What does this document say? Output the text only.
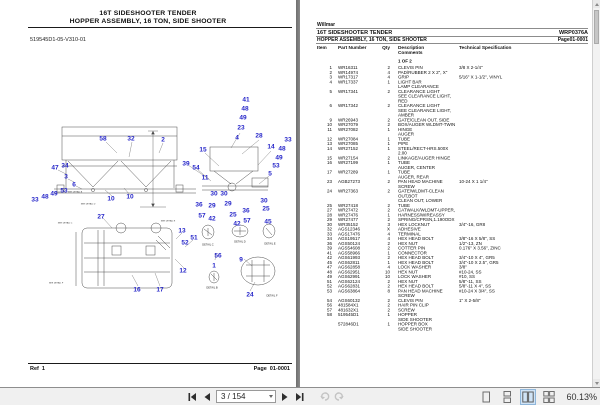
16T SIDESHOOTER TENDER
HOPPER ASSEMBLY, 16 TON, SIDE SHOOTER
519545D1-05-V310-01
41
48
49
23
4	28
33
14 48
49
53
5
15
39
54
11
58	32	2
47 34
3
6
53
49
48
33	10 10	30 30
36 29 29	30
25
36
57 42
25
42 57 45
27
13
51
52
12
16 17
56
1
9
24
DETAIL C
DETAIL D
DETAIL E
DETAIL B
DETAIL F
SEE DETAIL B
SEE DETAIL D
SEE DETAIL C
SEE DETAIL E
SEE DETAIL F
Ref  1	Page  01-0001
Willmar
16T SIDESHOOTER TENDER	WRP0376A
HOPPER ASSEMBLY, 16 TON, SIDE SHOOTER	Page01-0001
Item	Part Number	Qty Description
Comments
Technical Specification
1 OF 2
1 WR16311	2 CLEVIS PIN	3/8 X 2-1/4"
2 WR14974	4 PAD/RUBBER 2 X 2", X"
3 WR17317	4 GRIP	5/16" X 1-1/2", VINYL
4 WR17337	1 LIGHT BAR
LAMP CLEARANCE
5 WR17341	2 CLEARANCE LIGHT
SEE CLEARANCE LIGHT, RED
6 WR17342	2 CLEARANCE LIGHT
SEE CLEARANCE LIGHT, AMBER
9 WR26943	2 GATE/CLEAN OUT, SIDE
10 WR27079	2 BOX/AUGER WLDMT-TWIN
11 WR27082	1 HINGE
AUGER
12 WR27084	1 TUBE
13 WR27085	1 PIPE
14 WR27152	1 STEEL/RECT-HRS.500X 2.00
15 WR27154	2 LINKAGE/AUGER HINGE
16 WR27199	1 TUBE
AUGER, CENTER
17 WR27289	1 TUBE
AUGER, REAR
23 AGB27273	2 PAN HEAD MACHINE SCREW
10-24 X 1 1/4"
24 WR27363	2 GATE/WLDMT-CLEAN OUT,BOT
CLEAN OUT, LOWER
25 WR27418	2 TUBE
27 WR27472	2 CATWALK/WLDMT-UPPER,
28 WR27476	1 HARNESS/WIREASSY
29 WR27477	2 SPRING/CPRSN,1.190ODX
30 WR35152	3 HEX LOCKNUT	3/4"-16, GR8
32 AGS12346	X ADHESIVE
33 AGS17476	4 TERMINAL
34 AGS19517	4 HEX HEAD BOLT	3/8"-16 X 5/8", SS
36 AGS50124	2 HEX NUT	1/2"-13, ZN
39 AGS54608	2 COTTER PIN	0.176" X 3.56", ZINC
41 AGS58966	1 CONNECTOR
42 AGS61993	2 HEX HEAD BOLT	3/4"-10 X 4", GR5
45 AGS62811	1 HEX HEAD BOLT	3/4"-10 X 2.5", GR5
47 AGS62858	4 LOCK WASHER	3/8"
48 AGS62951	10 HEX NUT	#10-24, SS
49 AGS62991	10 LOCK WASHER	#10, SS
51 AGS62124	2 HEX NUT	5/8"-11, SS
52 AGS62831	2 HEX HEAD BOLT	5/8"-11 X 4", SS
53 AGS63864	8 PAN HEAD MACHINE SCREW
#10-24 X 3/4", SS
54 AGS60132	2 CLEVIS PIN	1" X 2-5/8"
56 481584X1	2 HAIR PIN CLIP
57 481632X1	2 SCREW
58 519545D1	1 HOPPER
SIDE SHOOTER
572846D1	1 HOPPER BOX
SIDE SHOOTER
3 / 154	60.13%
